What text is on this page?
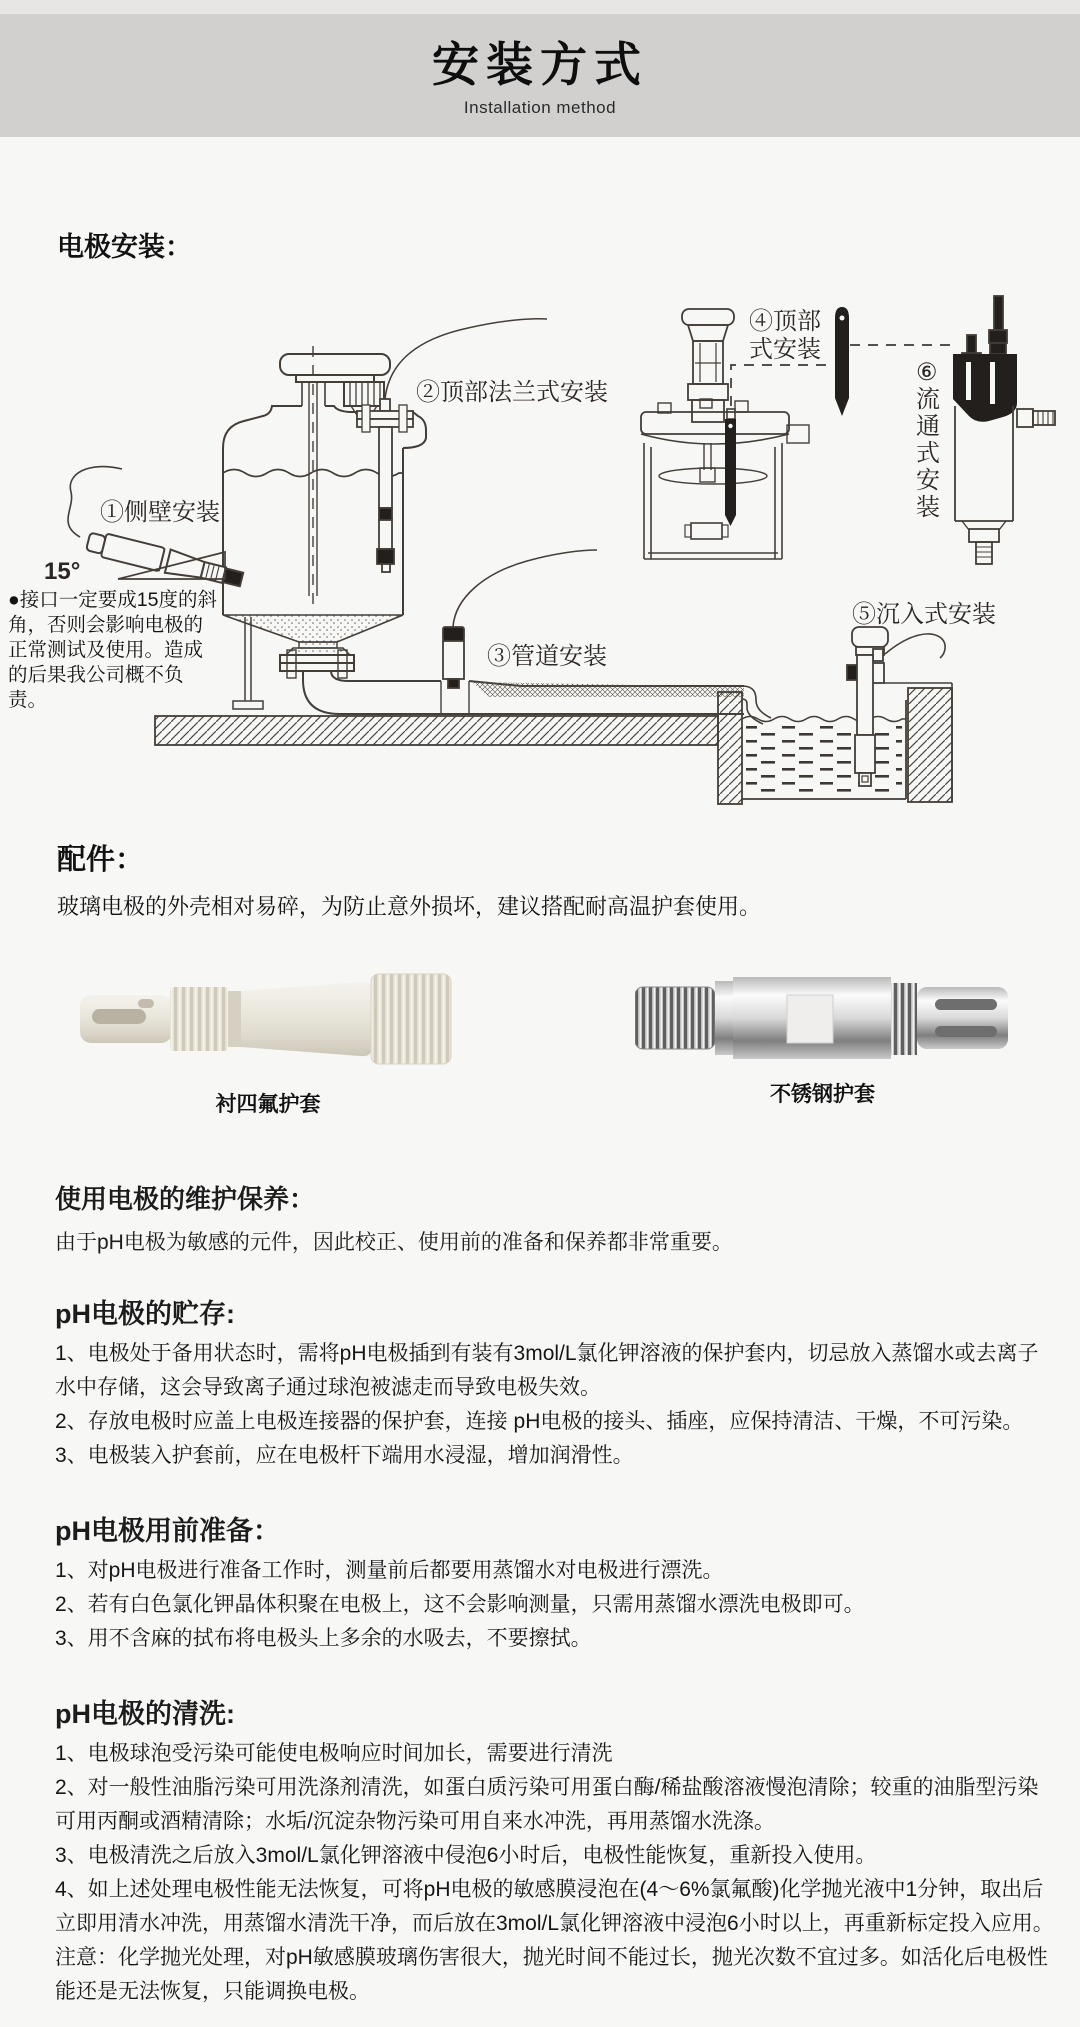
安装方式
Installation method
电极安装：
①侧壁安装
15°
②顶部法兰式安装
③管道安装
④顶部
式安装
⑤沉入式安装
⑥ 流通式安装
●接口一定要成15度的斜角，否则会影响电极的正常测试及使用。造成的后果我公司概不负责。
配件：

玻璃电极的外壳相对易碎，为防止意外损坏，建议搭配耐高温护套使用。

衬四氟护套	不锈钢护套
使用电极的维护保养：

由于pH电极为敏感的元件，因此校正、使用前的准备和保养都非常重要。

pH电极的贮存:
1、电极处于备用状态时，需将pH电极插到有装有3mol/L氯化钾溶液的保护套内，切忌放入蒸馏水或去离子水中存储，这会导致离子通过球泡被滤走而导致电极失效。
2、存放电极时应盖上电极连接器的保护套，连接 pH电极的接头、插座，应保持清洁、干燥，不可污染。
3、电极装入护套前，应在电极杆下端用水浸湿，增加润滑性。
pH电极用前准备：
1、对pH电极进行准备工作时，测量前后都要用蒸馏水对电极进行漂洗。
2、若有白色氯化钾晶体积聚在电极上，这不会影响测量，只需用蒸馏水漂洗电极即可。
3、用不含麻的拭布将电极头上多余的水吸去，不要擦拭。
pH电极的清洗:
1、电极球泡受污染可能使电极响应时间加长，需要进行清洗
2、对一般性油脂污染可用洗涤剂清洗，如蛋白质污染可用蛋白酶/稀盐酸溶液慢泡清除；较重的油脂型污染可用丙酮或酒精清除；水垢/沉淀杂物污染可用自来水冲洗，再用蒸馏水洗涤。
3、电极清洗之后放入3mol/L氯化钾溶液中侵泡6小时后，电极性能恢复，重新投入使用。
4、如上述处理电极性能无法恢复，可将pH电极的敏感膜浸泡在(4～6%氯氟酸)化学抛光液中1分钟，取出后立即用清水冲洗，用蒸馏水清洗干净，而后放在3mol/L氯化钾溶液中浸泡6小时以上，再重新标定投入应用。
注意：化学抛光处理，对pH敏感膜玻璃伤害很大，抛光时间不能过长，抛光次数不宜过多。如活化后电极性能还是无法恢复，只能调换电极。
